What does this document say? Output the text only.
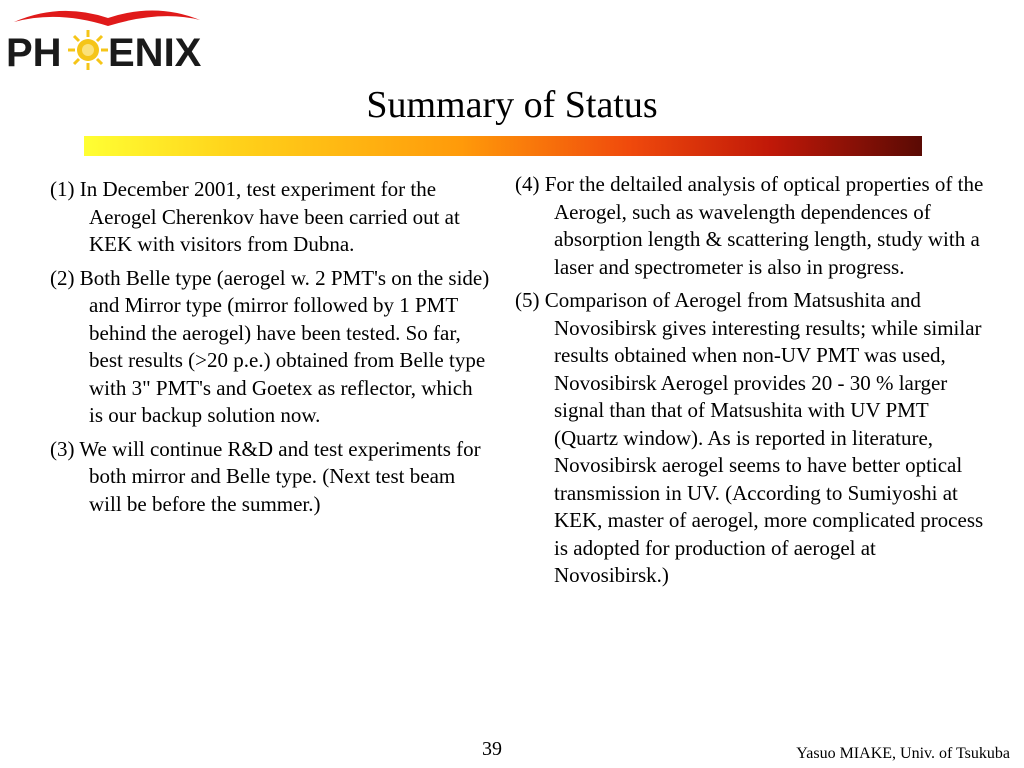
PH ENIX
Summary of Status

(1) In December 2001, test experiment for the Aerogel Cherenkov have been carried out at KEK with visitors from Dubna.

(2) Both Belle type (aerogel w. 2 PMT's on the side) and Mirror type (mirror followed by 1 PMT behind the aerogel) have been tested. So far, best results (>20 p.e.) obtained from Belle type with 3" PMT's and Goetex as reflector, which is our backup solution now.

(3) We will continue R&D and test experiments for both mirror and Belle type. (Next test beam will be before the summer.)

(4) For the deltailed analysis of optical properties of the Aerogel, such as wavelength dependences of absorption length & scattering length, study with a laser and spectrometer is also in progress.

(5) Comparison of Aerogel from Matsushita and Novosibirsk gives interesting results; while similar results obtained when non-UV PMT was used, Novosibirsk Aerogel provides 20 - 30 % larger signal than that of Matsushita with UV PMT (Quartz window). As is reported in literature, Novosibirsk aerogel seems to have better optical transmission in UV. (According to Sumiyoshi at KEK, master of aerogel, more complicated process is adopted for production of aerogel at Novosibirsk.)

39	Yasuo MIAKE, Univ. of Tsukuba
